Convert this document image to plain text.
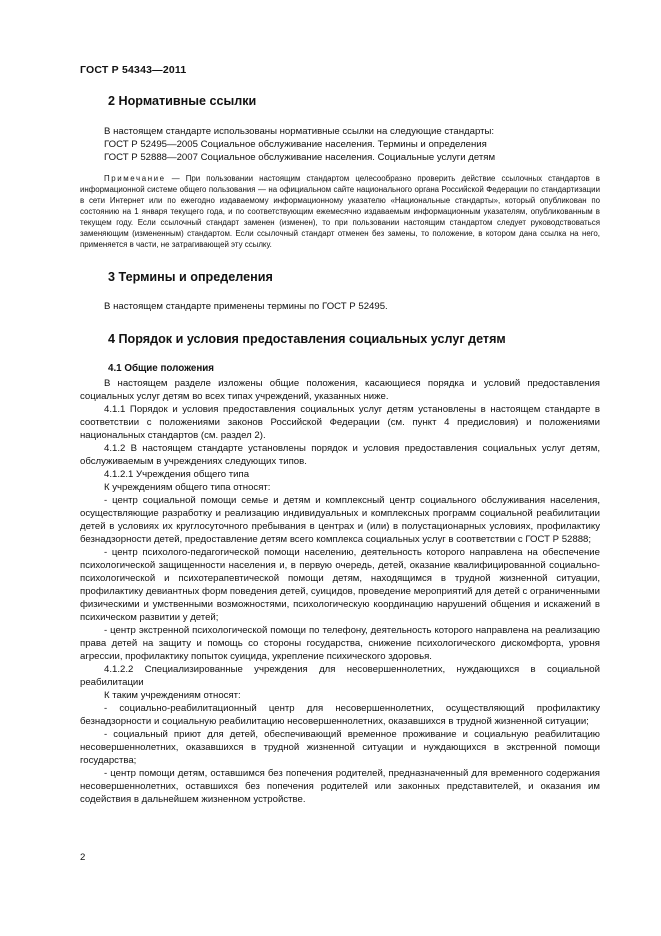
ГОСТ Р 54343—2011
2 Нормативные ссылки

В настоящем стандарте использованы нормативные ссылки на следующие стандарты:

ГОСТ Р 52495—2005 Социальное обслуживание населения. Термины и определения

ГОСТ Р 52888—2007 Социальное обслуживание населения. Социальные услуги детям

Примечание — При пользовании настоящим стандартом целесообразно проверить действие ссылочных стандартов в информационной системе общего пользования — на официальном сайте национального органа Российской Федерации по стандартизации в сети Интернет или по ежегодно издаваемому информационному указателю «Национальные стандарты», который опубликован по состоянию на 1 января текущего года, и по соответствующим ежемесячно издаваемым информационным указателям, опубликованным в текущем году. Если ссылочный стандарт заменен (изменен), то при пользовании настоящим стандартом следует руководствоваться заменяющим (измененным) стандартом. Если ссылочный стандарт отменен без замены, то положение, в котором дана ссылка на него, применяется в части, не затрагивающей эту ссылку.

3 Термины и определения

В настоящем стандарте применены термины по ГОСТ Р 52495.

4 Порядок и условия предоставления социальных услуг детям
4.1 Общие положения

В настоящем разделе изложены общие положения, касающиеся порядка и условий предоставления социальных услуг детям во всех типах учреждений, указанных ниже.

4.1.1 Порядок и условия предоставления социальных услуг детям установлены в настоящем стандарте в соответствии с положениями законов Российской Федерации (см. пункт 4 предисловия) и положениями национальных стандартов (см. раздел 2).

4.1.2 В настоящем стандарте установлены порядок и условия предоставления социальных услуг детям, обслуживаемым в учреждениях следующих типов.

4.1.2.1 Учреждения общего типа

К учреждениям общего типа относят:

- центр социальной помощи семье и детям и комплексный центр социального обслуживания населения, осуществляющие разработку и реализацию индивидуальных и комплексных программ социальной реабилитации детей в условиях их круглосуточного пребывания в центрах и (или) в полустационарных условиях, профилактику безнадзорности детей, предоставление детям всего комплекса социальных услуг в соответствии с ГОСТ Р 52888;

- центр психолого-педагогической помощи населению, деятельность которого направлена на обеспечение психологической защищенности населения и, в первую очередь, детей, оказание квалифицированной социально-психологической и психотерапевтической помощи детям, находящимся в трудной жизненной ситуации, профилактику девиантных форм поведения детей, суицидов, проведение мероприятий для детей с ограниченными физическими и умственными возможностями, психологическую координацию нарушений общения и искажений в психическом развитии у детей;

- центр экстренной психологической помощи по телефону, деятельность которого направлена на реализацию права детей на защиту и помощь со стороны государства, снижение психологического дискомфорта, уровня агрессии, профилактику попыток суицида, укрепление психического здоровья.

4.1.2.2 Специализированные учреждения для несовершеннолетних, нуждающихся в социальной реабилитации

К таким учреждениям относят:

- социально-реабилитационный центр для несовершеннолетних, осуществляющий профилактику безнадзорности и социальную реабилитацию несовершеннолетних, оказавшихся в трудной жизненной ситуации;

- социальный приют для детей, обеспечивающий временное проживание и социальную реабилитацию несовершеннолетних, оказавшихся в трудной жизненной ситуации и нуждающихся в экстренной помощи государства;

- центр помощи детям, оставшимся без попечения родителей, предназначенный для временного содержания несовершеннолетних, оставшихся без попечения родителей или законных представителей, и оказания им содействия в дальнейшем жизненном устройстве.

2
